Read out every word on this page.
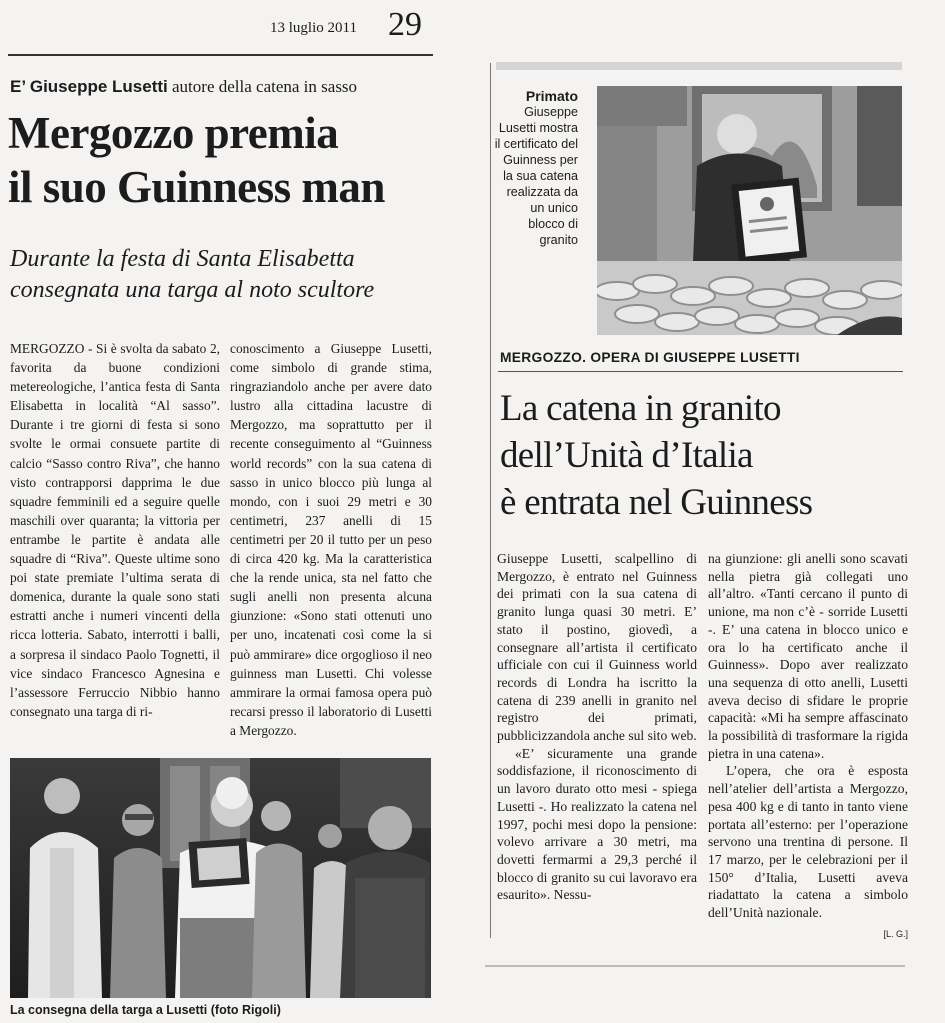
13 luglio 2011 29
E’ Giuseppe Lusetti autore della catena in sasso
Mergozzo premia
il suo Guinness man
Durante la festa di Santa Elisabetta
consegnata una targa al noto scultore

MERGOZZO - Si è svolta da sabato 2, favorita da buone condizioni metereologiche, l’antica festa di Santa Elisabetta in località “Al sasso”. Durante i tre giorni di festa si sono svolte le ormai consuete partite di calcio “Sasso contro Riva”, che hanno visto contrapporsi dapprima le due squadre femminili ed a seguire quelle maschili over quaranta; la vittoria per entrambe le partite è andata alle squadre di “Riva”. Queste ultime sono poi state premiate l’ultima serata di domenica, durante la quale sono stati estratti anche i numeri vincenti della ricca lotteria. Sabato, interrotti i balli, a sorpresa il sindaco Paolo Tognetti, il vice sindaco Francesco Agnesina e l’assessore Ferruccio Nibbio hanno consegnato una targa di ri-

conoscimento a Giuseppe Lusetti, come simbolo di grande stima, ringraziandolo anche per avere dato lustro alla cittadina lacustre di Mergozzo, ma soprattutto per il recente conseguimento al “Guinness world records” con la sua catena di sasso in unico blocco più lunga al mondo, con i suoi 29 metri e 30 centimetri, 237 anelli di 15 centimetri per 20 il tutto per un peso di circa 420 kg. Ma la caratteristica che la rende unica, sta nel fatto che sugli anelli non presenta alcuna giunzione: «Sono stati ottenuti uno per uno, incatenati così come la si può ammirare» dice orgoglioso il neo guinness man Lusetti. Chi volesse ammirare la ormai famosa opera può recarsi presso il laboratorio di Lusetti a Mergozzo.

La consegna della targa a Lusetti (foto Rigoli)
Primato
Giuseppe Lusetti mostra il certificato del Guinness per la sua catena realizzata da un unico blocco di granito
MERGOZZO. OPERA DI GIUSEPPE LUSETTI
La catena in granito
dell’Unità d’Italia
è entrata nel Guinness
Giuseppe Lusetti, scalpellino di Mergozzo, è entrato nel Guinness dei primati con la sua catena di granito lunga quasi 30 metri. E’ stato il postino, giovedì, a consegnare all’artista il certificato ufficiale con cui il Guinness world records di Londra ha iscritto la catena di 239 anelli in granito nel registro dei primati, pubblicizzandola anche sul sito web.
«E’ sicuramente una grande soddisfazione, il riconoscimento di un lavoro durato otto mesi - spiega Lusetti -. Ho realizzato la catena nel 1997, pochi mesi dopo la pensione: volevo arrivare a 30 metri, ma dovetti fermarmi a 29,3 perché il blocco di granito su cui lavoravo era esaurito». Nessu-
na giunzione: gli anelli sono scavati nella pietra già collegati uno all’altro. «Tanti cercano il punto di unione, ma non c’è - sorride Lusetti -. E’ una catena in blocco unico e ora lo ha certificato anche il Guinness». Dopo aver realizzato una sequenza di otto anelli, Lusetti aveva deciso di sfidare le proprie capacità: «Mi ha sempre affascinato la possibilità di trasformare la rigida pietra in una catena».
L’opera, che ora è esposta nell’atelier dell’artista a Mergozzo, pesa 400 kg e di tanto in tanto viene portata all’esterno: per l’operazione servono una trentina di persone. Il 17 marzo, per le celebrazioni per il 150° d’Italia, Lusetti aveva riadattato la catena a simbolo dell’Unità nazionale.
[L. G.]
